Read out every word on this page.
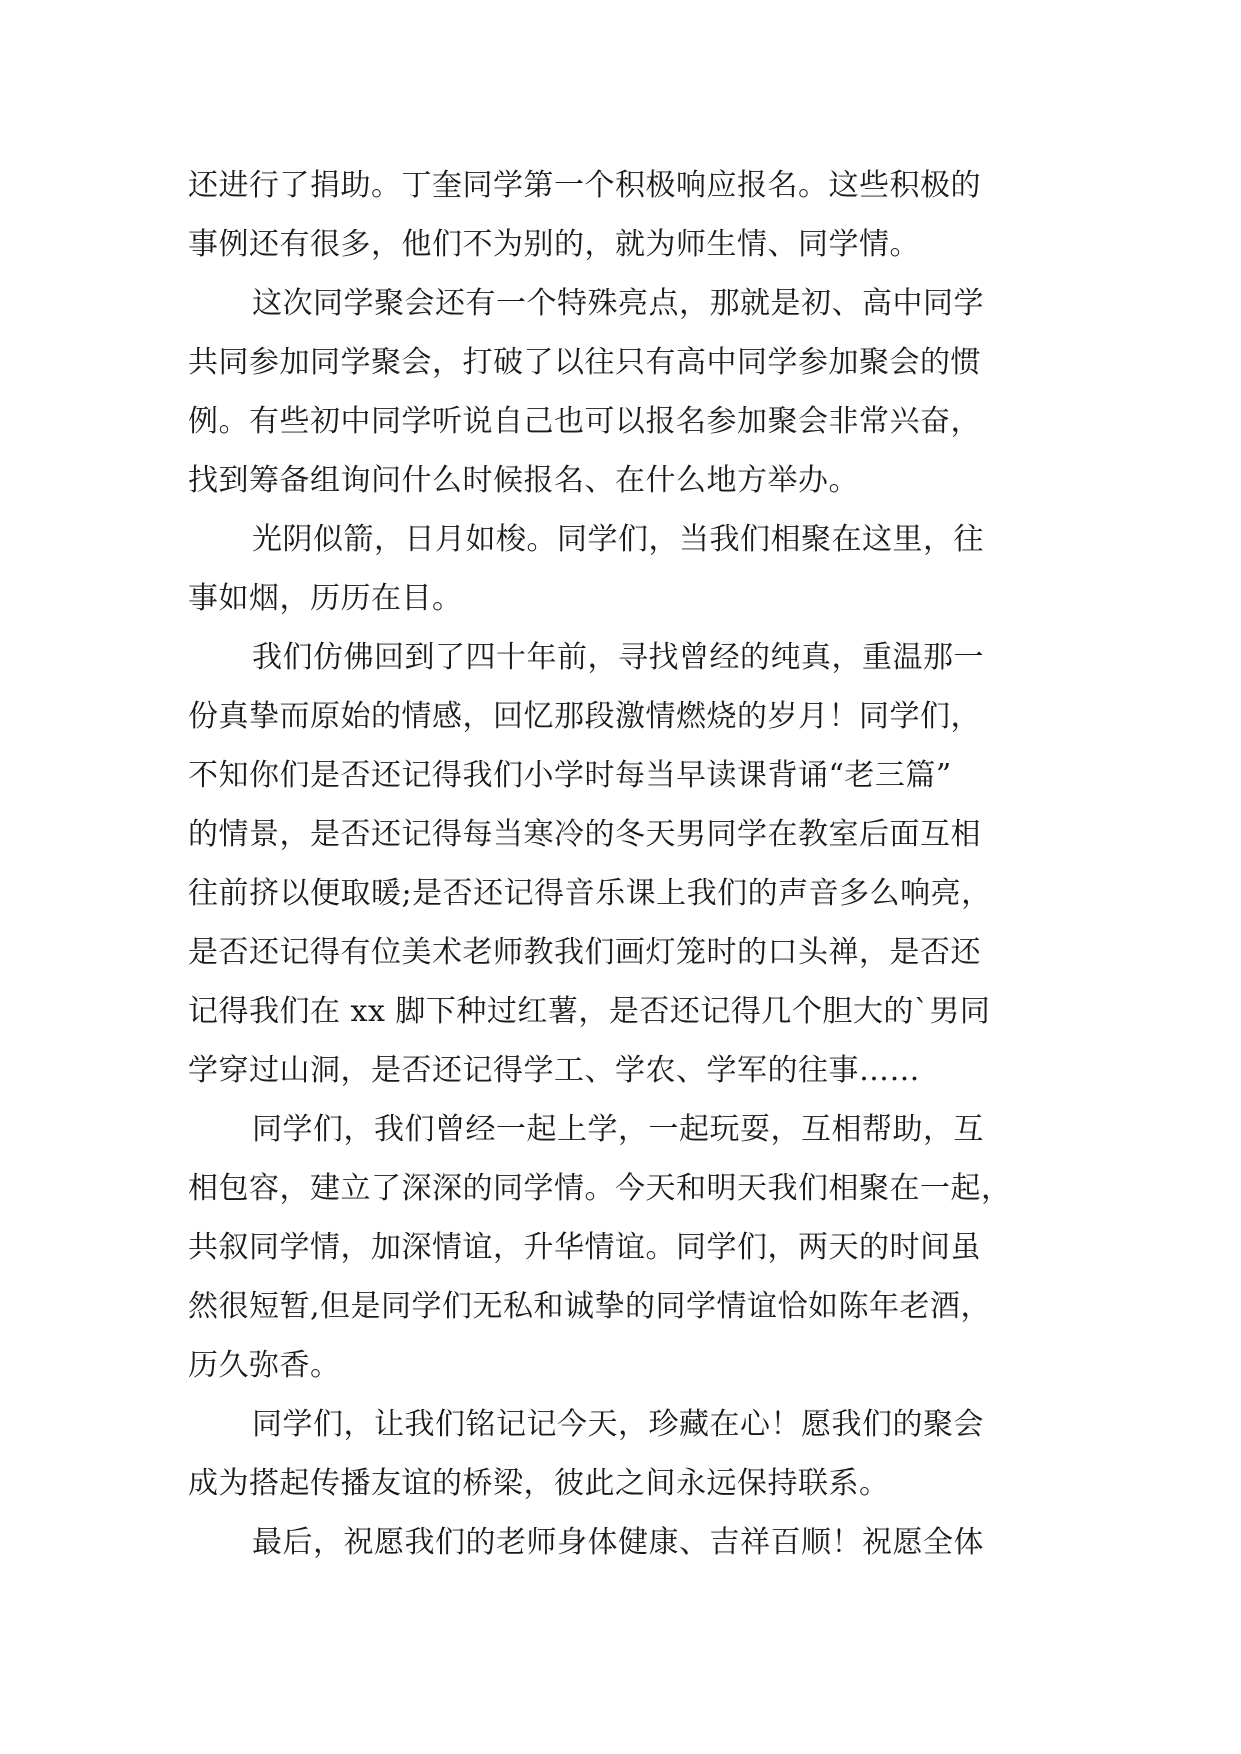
还进行了捐助。丁奎同学第一个积极响应报名。这些积极的
事例还有很多，他们不为别的，就为师生情、同学情。
这次同学聚会还有一个特殊亮点，那就是初、高中同学
共同参加同学聚会，打破了以往只有高中同学参加聚会的惯
例。有些初中同学听说自己也可以报名参加聚会非常兴奋，
找到筹备组询问什么时候报名、在什么地方举办。
光阴似箭，日月如梭。同学们，当我们相聚在这里，往
事如烟，历历在目。
我们仿佛回到了四十年前，寻找曾经的纯真，重温那一
份真挚而原始的情感，回忆那段激情燃烧的岁月！同学们，
不知你们是否还记得我们小学时每当早读课背诵“老三篇”
的情景，是否还记得每当寒冷的冬天男同学在教室后面互相
往前挤以便取暖;是否还记得音乐课上我们的声音多么响亮，
是否还记得有位美术老师教我们画灯笼时的口头禅，是否还
记得我们在 xx 脚下种过红薯，是否还记得几个胆大的`男同
学穿过山洞，是否还记得学工、学农、学军的往事……
同学们，我们曾经一起上学，一起玩耍，互相帮助，互
相包容，建立了深深的同学情。今天和明天我们相聚在一起，
共叙同学情，加深情谊，升华情谊。同学们，两天的时间虽
然很短暂,但是同学们无私和诚挚的同学情谊恰如陈年老酒，
历久弥香。
同学们，让我们铭记记今天，珍藏在心！愿我们的聚会
成为搭起传播友谊的桥梁，彼此之间永远保持联系。
最后，祝愿我们的老师身体健康、吉祥百顺！祝愿全体
